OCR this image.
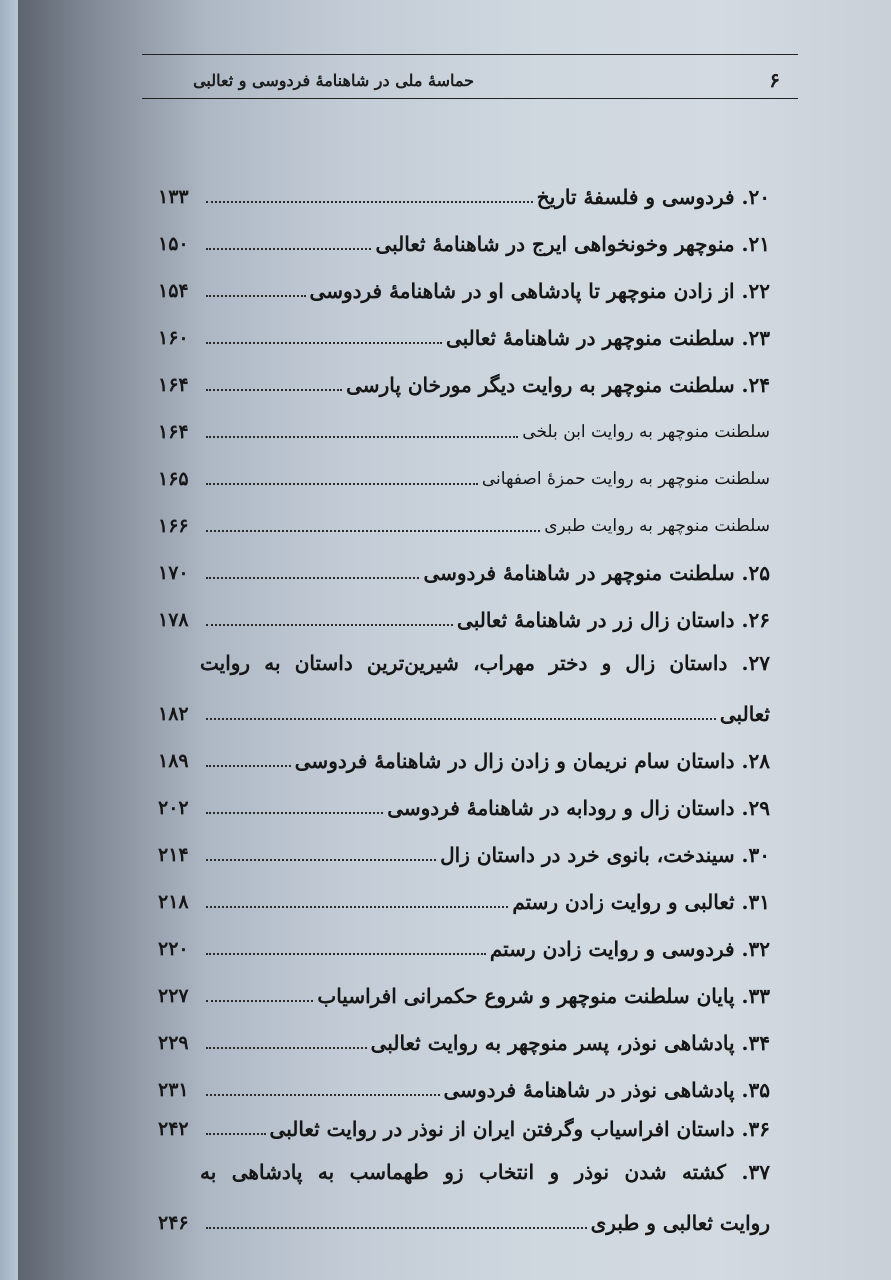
۶
حماسهٔ ملی در شاهنامهٔ فردوسی و ثعالبی
۲۰. فردوسی و فلسفهٔ تاریخ
۱۳۳
۲۱. منوچهر وخونخواهی ایرج در شاهنامهٔ ثعالبی
۱۵۰
۲۲. از زادن منوچهر تا پادشاهی او در شاهنامهٔ فردوسی
۱۵۴
۲۳. سلطنت منوچهر در شاهنامهٔ ثعالبی
۱۶۰
۲۴. سلطنت منوچهر به روایت دیگر مورخان پارسی
۱۶۴
سلطنت منوچهر به روایت ابن بلخی
۱۶۴
سلطنت منوچهر به روایت حمزهٔ اصفهانی
۱۶۵
سلطنت منوچهر به روایت طبری
۱۶۶
۲۵. سلطنت منوچهر در شاهنامهٔ فردوسی
۱۷۰
۲۶. داستان زال زر در شاهنامهٔ ثعالبی
۱۷۸
۲۷. داستان زال و دختر مهراب، شیرین‌ترین داستان به روایت
ثعالبی
۱۸۲
۲۸. داستان سام نریمان و زادن زال در شاهنامهٔ فردوسی
۱۸۹
۲۹. داستان زال و رودابه در شاهنامهٔ فردوسی
۲۰۲
۳۰. سیندخت، بانوی خرد در داستان زال
۲۱۴
۳۱. ثعالبی و روایت زادن رستم
۲۱۸
۳۲. فردوسی و روایت زادن رستم
۲۲۰
۳۳. پایان سلطنت منوچهر و شروع حکمرانی افراسیاب
۲۲۷
۳۴. پادشاهی نوذر، پسر منوچهر به روایت ثعالبی
۲۲۹
۳۵. پادشاهی نوذر در شاهنامهٔ فردوسی
۲۳۱
۳۶. داستان افراسیاب وگرفتن ایران از نوذر در روایت ثعالبی
۲۴۲
۳۷. کشته شدن نوذر و انتخاب زو طهماسب به پادشاهی به
روایت ثعالبی و طبری
۲۴۶
